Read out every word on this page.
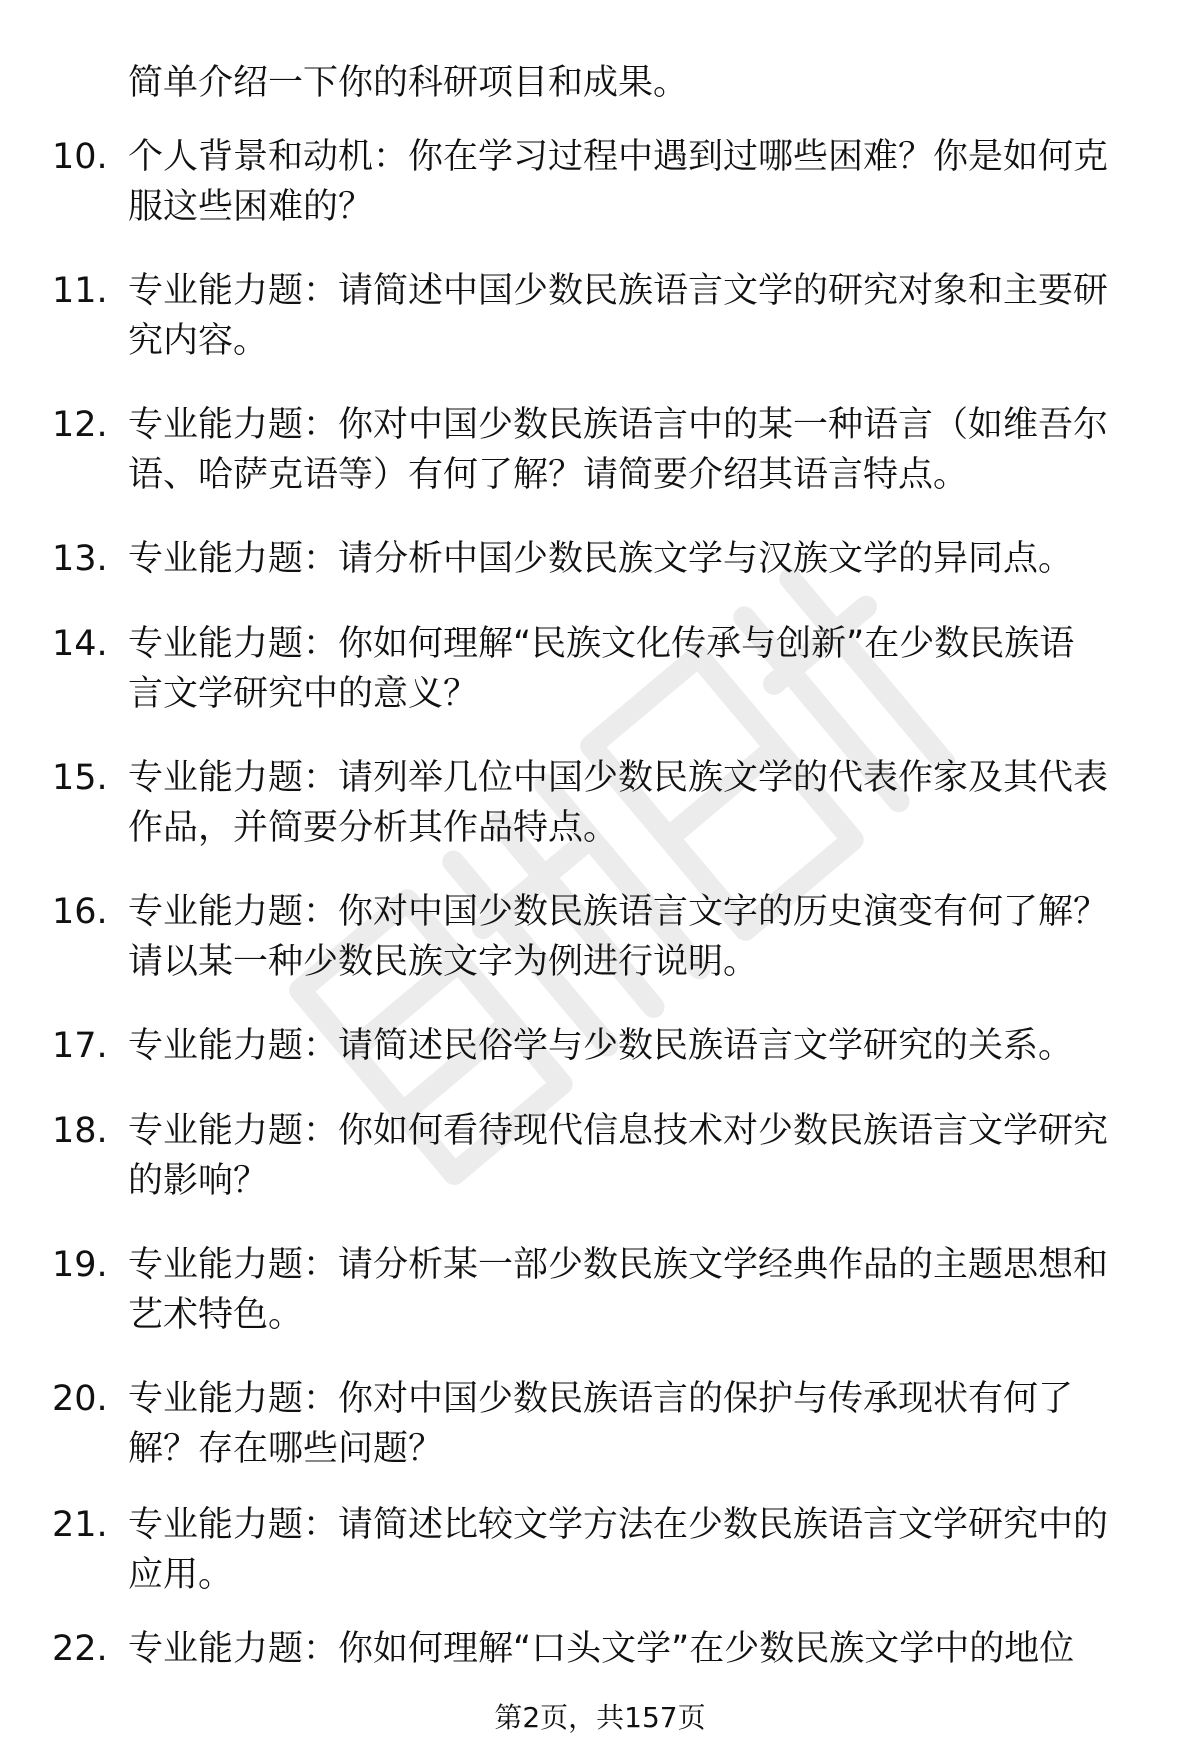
简单介绍一下你的科研项目和成果。
10. 个人背景和动机：你在学习过程中遇到过哪些困难？你是如何克
服这些困难的？
11. 专业能力题：请简述中国少数民族语言文学的研究对象和主要研
究内容。
12. 专业能力题：你对中国少数民族语言中的某一种语言（如维吾尔
语、哈萨克语等）有何了解？请简要介绍其语言特点。
13. 专业能力题：请分析中国少数民族文学与汉族文学的异同点。
14. 专业能力题：你如何理解“民族文化传承与创新”在少数民族语
言文学研究中的意义？
15. 专业能力题：请列举几位中国少数民族文学的代表作家及其代表
作品，并简要分析其作品特点。
16. 专业能力题：你对中国少数民族语言文字的历史演变有何了解？
请以某一种少数民族文字为例进行说明。
17. 专业能力题：请简述民俗学与少数民族语言文学研究的关系。
18. 专业能力题：你如何看待现代信息技术对少数民族语言文学研究
的影响？
19. 专业能力题：请分析某一部少数民族文学经典作品的主题思想和
艺术特色。
20. 专业能力题：你对中国少数民族语言的保护与传承现状有何了
解？存在哪些问题？
21. 专业能力题：请简述比较文学方法在少数民族语言文学研究中的
应用。
22. 专业能力题：你如何理解“口头文学”在少数民族文学中的地位
第2页，共157页
